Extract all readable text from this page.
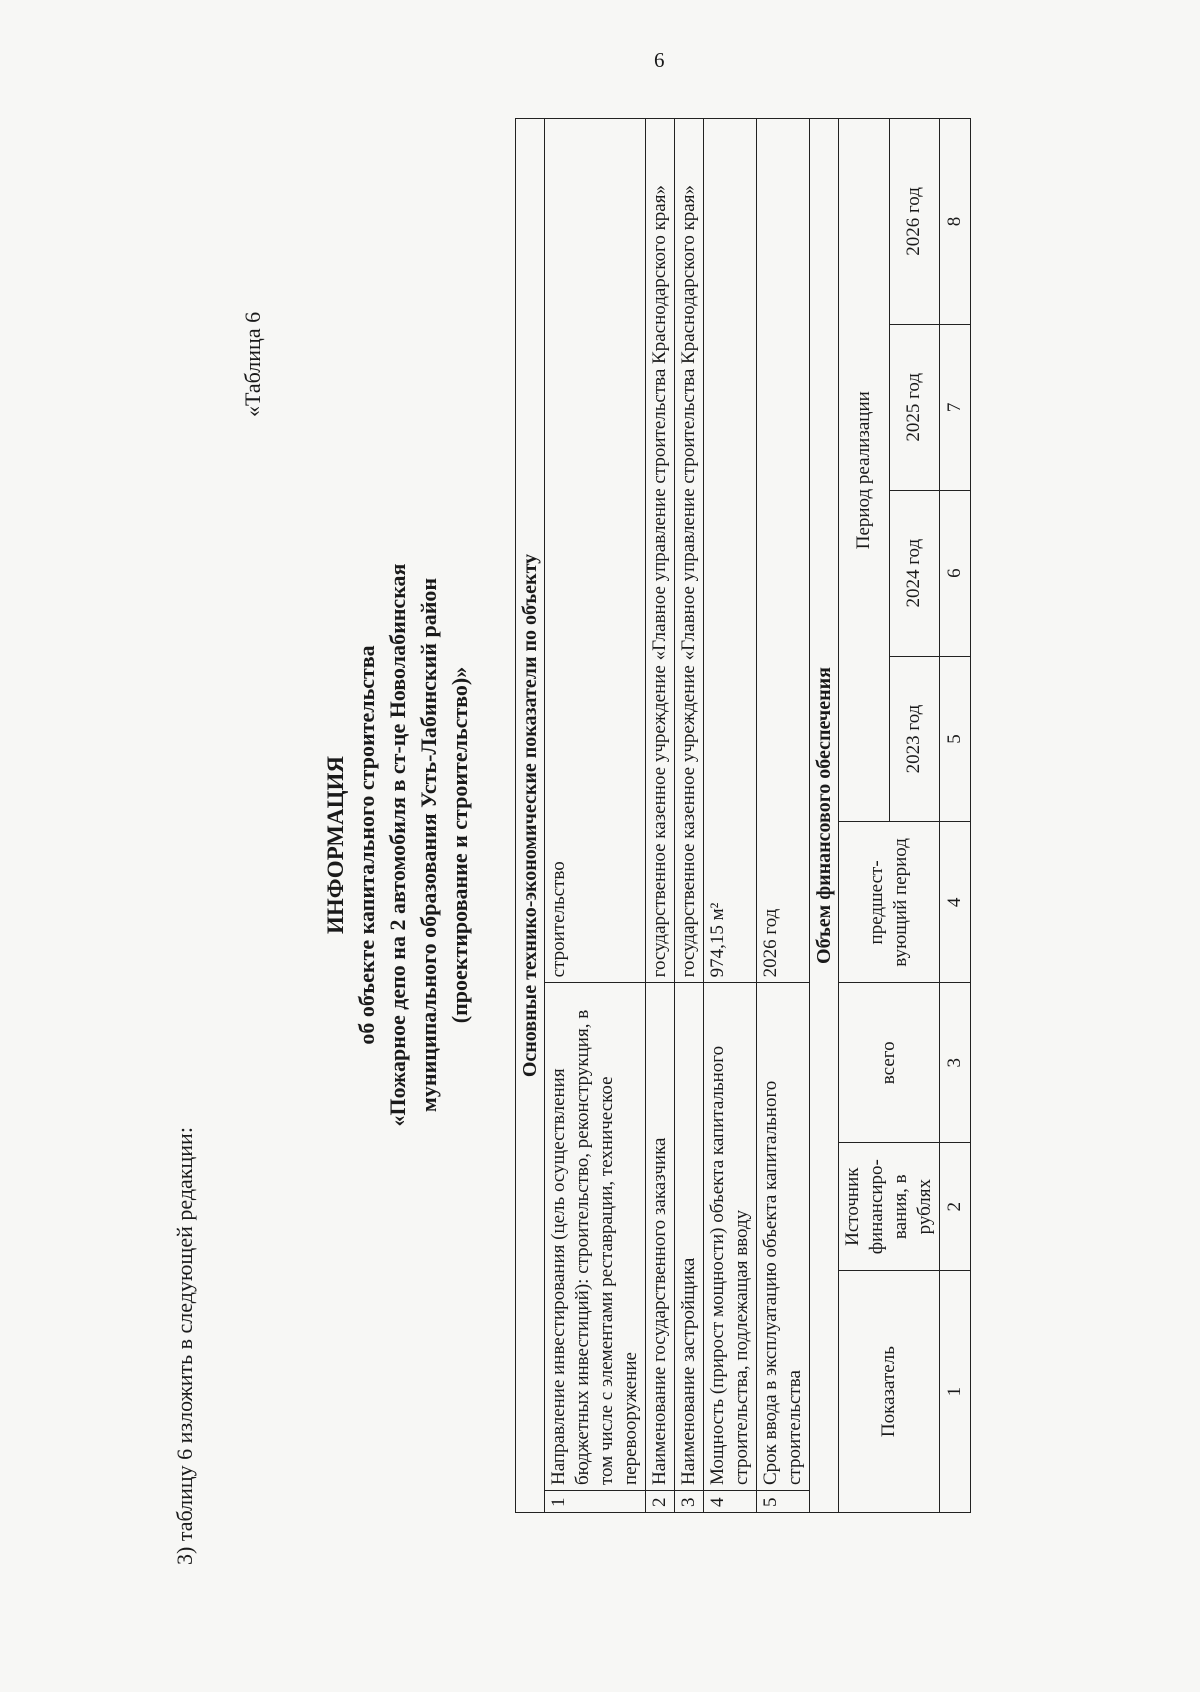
6
3) таблицу 6 изложить в следующей редакции:
«Таблица 6
ИНФОРМАЦИЯ об объекте капитального строительства «Пожарное депо на 2 автомобиля в ст-це Новолабинская муниципального образования Усть-Лабинский район (проектирование и строительство)» Основные технико-экономические показатели по объекту								
1	Направление инвестирования (цель осуществления бюджетных инвестиций): строительство, реконструкция, в том числе с элементами реставрации, техническое перевооружение			строительство				
2	Наименование государственного заказчика			государственное казенное учреждение «Главное управление строительства Краснодарского края»				
3	Наименование застройщика			государственное казенное учреждение «Главное управление строительства Краснодарского края»				
4	Мощность (прирост мощности) объекта капитального строительства, подлежащая вводу			974,15 м²				
5	Срок ввода в эксплуатацию объекта капитального строительства			2026 год				
Объем финансового обеспечения								
Показатель		Источник финансиро-вания, в рублях	всего	предшест-вующий период	Период реализации			
					2023 год	2024 год	2025 год	2026 год
1		2	3	4	5	6	7	8
